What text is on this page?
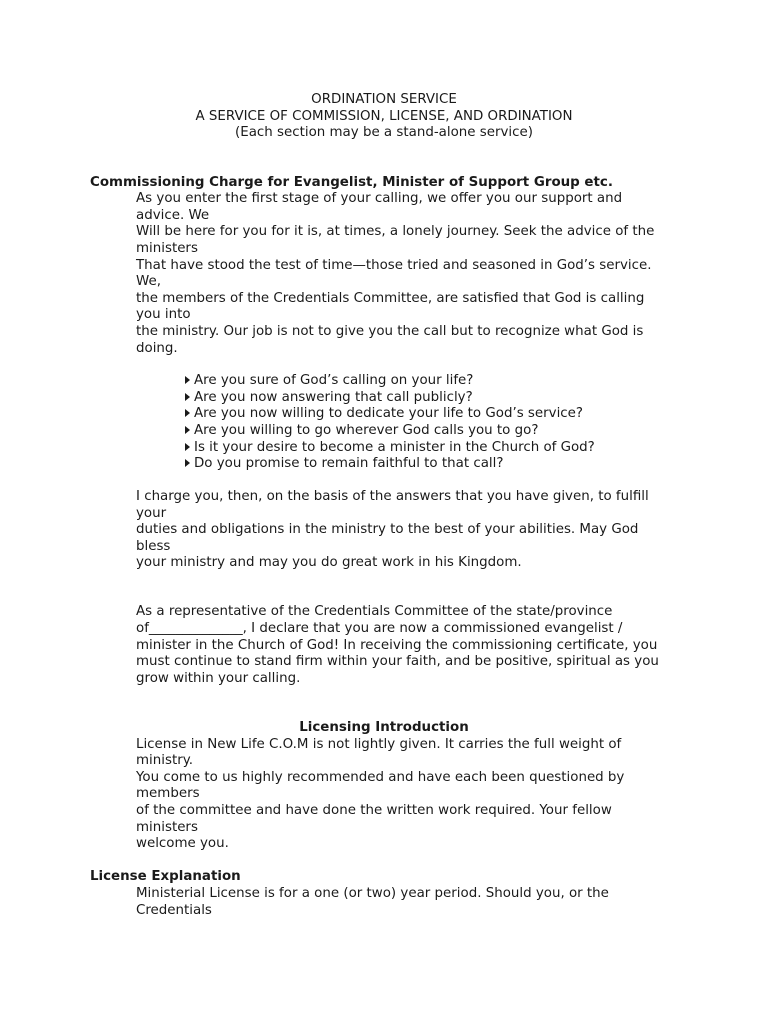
ORDINATION SERVICE
A SERVICE OF COMMISSION, LICENSE, AND ORDINATION
(Each section may be a stand-alone service)
Commissioning Charge for Evangelist, Minister of Support Group etc.
As you enter the first stage of your calling, we offer you our support and
advice. We
Will be here for you for it is, at times, a lonely journey. Seek the advice of the
ministers
That have stood the test of time—those tried and seasoned in God’s service.
We,
the members of the Credentials Committee, are satisfied that God is calling
you into
the ministry. Our job is not to give you the call but to recognize what God is
doing.
Are you sure of God’s calling on your life?
Are you now answering that call publicly?
Are you now willing to dedicate your life to God’s service?
Are you willing to go wherever God calls you to go?
Is it your desire to become a minister in the Church of God?
Do you promise to remain faithful to that call?
I charge you, then, on the basis of the answers that you have given, to fulfill
your
duties and obligations in the ministry to the best of your abilities. May God
bless
your ministry and may you do great work in his Kingdom.
As a representative of the Credentials Committee of the state/province
of______________, I declare that you are now a commissioned evangelist /
minister in the Church of God! In receiving the commissioning certificate, you
must continue to stand firm within your faith, and be positive, spiritual as you
grow within your calling.
Licensing Introduction
License in New Life C.O.M is not lightly given. It carries the full weight of
ministry.
You come to us highly recommended and have each been questioned by
members
of the committee and have done the written work required. Your fellow
ministers
welcome you.
License Explanation
Ministerial License is for a one (or two) year period. Should you, or the
Credentials
